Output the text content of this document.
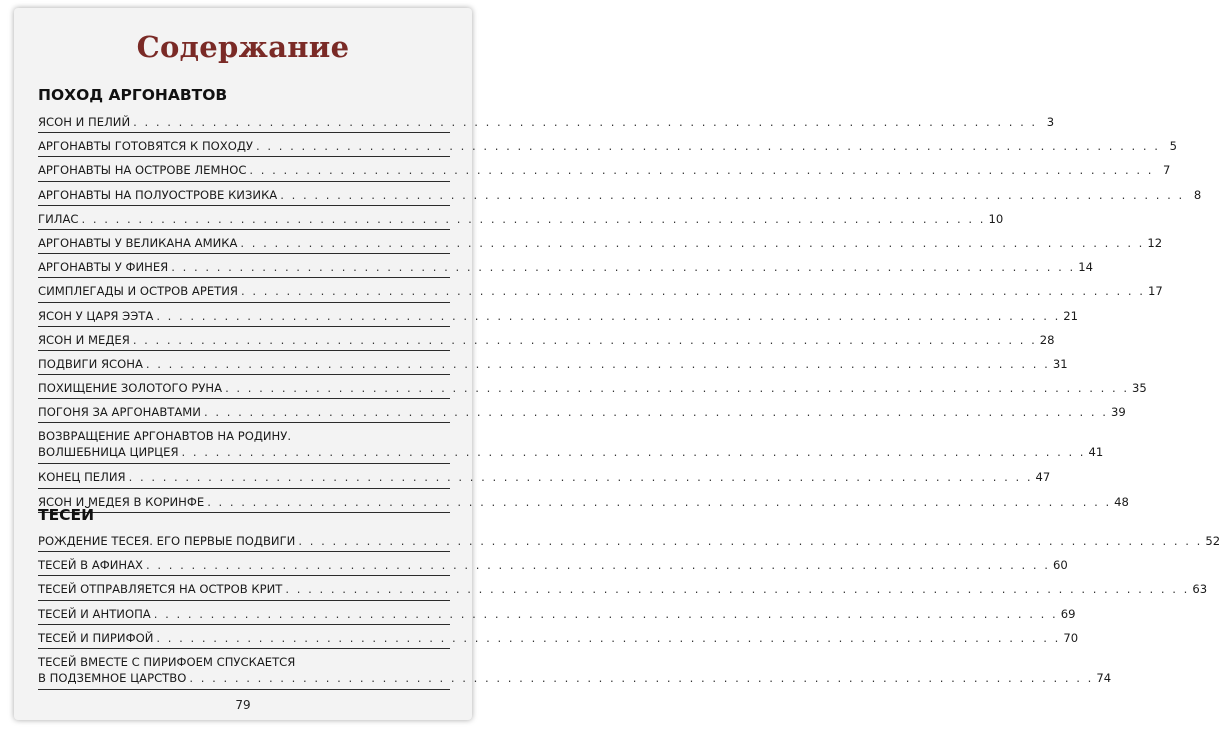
Содержание
ПОХОД АРГОНАВТОВ
ЯСОН И ПЕЛИЙ . . . . . . . . . . . . . . . . . . . . . . . . . . . . . . . . . . . . . . . . . . . . . . . . . . . . . . . . . . . . . . . . . . . . . . . . . . . . . . . . 3
АРГОНАВТЫ ГОТОВЯТСЯ К ПОХОДУ . . . . . . . . . . . . . . . . . . . . . . . . . . . . . . . . . . . . . . . . . . . . . . . . . . . . . . . . . . . . . . . . . . . . . . . . . . . . . . . . 5
АРГОНАВТЫ НА ОСТРОВЕ ЛЕМНОС . . . . . . . . . . . . . . . . . . . . . . . . . . . . . . . . . . . . . . . . . . . . . . . . . . . . . . . . . . . . . . . . . . . . . . . . . . . . . . . . 7
АРГОНАВТЫ НА ПОЛУОСТРОВЕ КИЗИКА . . . . . . . . . . . . . . . . . . . . . . . . . . . . . . . . . . . . . . . . . . . . . . . . . . . . . . . . . . . . . . . . . . . . . . . . . . . . . . . . 8
ГИЛАС . . . . . . . . . . . . . . . . . . . . . . . . . . . . . . . . . . . . . . . . . . . . . . . . . . . . . . . . . . . . . . . . . . . . . . . . . . . . . . . . 10
АРГОНАВТЫ У ВЕЛИКАНА АМИКА . . . . . . . . . . . . . . . . . . . . . . . . . . . . . . . . . . . . . . . . . . . . . . . . . . . . . . . . . . . . . . . . . . . . . . . . . . . . . . . . 12
АРГОНАВТЫ У ФИНЕЯ . . . . . . . . . . . . . . . . . . . . . . . . . . . . . . . . . . . . . . . . . . . . . . . . . . . . . . . . . . . . . . . . . . . . . . . . . . . . . . . . 14
СИМПЛЕГАДЫ И ОСТРОВ АРЕТИЯ . . . . . . . . . . . . . . . . . . . . . . . . . . . . . . . . . . . . . . . . . . . . . . . . . . . . . . . . . . . . . . . . . . . . . . . . . . . . . . . . 17
ЯСОН У ЦАРЯ ЭЭТА . . . . . . . . . . . . . . . . . . . . . . . . . . . . . . . . . . . . . . . . . . . . . . . . . . . . . . . . . . . . . . . . . . . . . . . . . . . . . . . . 21
ЯСОН И МЕДЕЯ . . . . . . . . . . . . . . . . . . . . . . . . . . . . . . . . . . . . . . . . . . . . . . . . . . . . . . . . . . . . . . . . . . . . . . . . . . . . . . . . 28
ПОДВИГИ ЯСОНА . . . . . . . . . . . . . . . . . . . . . . . . . . . . . . . . . . . . . . . . . . . . . . . . . . . . . . . . . . . . . . . . . . . . . . . . . . . . . . . . 31
ПОХИЩЕНИЕ ЗОЛОТОГО РУНА . . . . . . . . . . . . . . . . . . . . . . . . . . . . . . . . . . . . . . . . . . . . . . . . . . . . . . . . . . . . . . . . . . . . . . . . . . . . . . . . 35
ПОГОНЯ ЗА АРГОНАВТАМИ . . . . . . . . . . . . . . . . . . . . . . . . . . . . . . . . . . . . . . . . . . . . . . . . . . . . . . . . . . . . . . . . . . . . . . . . . . . . . . . . 39
ВОЗВРАЩЕНИЕ АРГОНАВТОВ НА РОДИНУ.
ВОЛШЕБНИЦА ЦИРЦЕЯ . . . . . . . . . . . . . . . . . . . . . . . . . . . . . . . . . . . . . . . . . . . . . . . . . . . . . . . . . . . . . . . . . . . . . . . . . . . . . . . . 41
КОНЕЦ ПЕЛИЯ . . . . . . . . . . . . . . . . . . . . . . . . . . . . . . . . . . . . . . . . . . . . . . . . . . . . . . . . . . . . . . . . . . . . . . . . . . . . . . . . 47
ЯСОН И МЕДЕЯ В КОРИНФЕ . . . . . . . . . . . . . . . . . . . . . . . . . . . . . . . . . . . . . . . . . . . . . . . . . . . . . . . . . . . . . . . . . . . . . . . . . . . . . . . . 48
ТЕСЕЙ
РОЖДЕНИЕ ТЕСЕЯ. ЕГО ПЕРВЫЕ ПОДВИГИ . . . . . . . . . . . . . . . . . . . . . . . . . . . . . . . . . . . . . . . . . . . . . . . . . . . . . . . . . . . . . . . . . . . . . . . . . . . . . . . . 52
ТЕСЕЙ В АФИНАХ . . . . . . . . . . . . . . . . . . . . . . . . . . . . . . . . . . . . . . . . . . . . . . . . . . . . . . . . . . . . . . . . . . . . . . . . . . . . . . . . 60
ТЕСЕЙ ОТПРАВЛЯЕТСЯ НА ОСТРОВ КРИТ . . . . . . . . . . . . . . . . . . . . . . . . . . . . . . . . . . . . . . . . . . . . . . . . . . . . . . . . . . . . . . . . . . . . . . . . . . . . . . . . 63
ТЕСЕЙ И АНТИОПА . . . . . . . . . . . . . . . . . . . . . . . . . . . . . . . . . . . . . . . . . . . . . . . . . . . . . . . . . . . . . . . . . . . . . . . . . . . . . . . . 69
ТЕСЕЙ И ПИРИФОЙ . . . . . . . . . . . . . . . . . . . . . . . . . . . . . . . . . . . . . . . . . . . . . . . . . . . . . . . . . . . . . . . . . . . . . . . . . . . . . . . . 70
ТЕСЕЙ ВМЕСТЕ С ПИРИФОЕМ СПУСКАЕТСЯ
В ПОДЗЕМНОЕ ЦАРСТВО . . . . . . . . . . . . . . . . . . . . . . . . . . . . . . . . . . . . . . . . . . . . . . . . . . . . . . . . . . . . . . . . . . . . . . . . . . . . . . . . 74
79
